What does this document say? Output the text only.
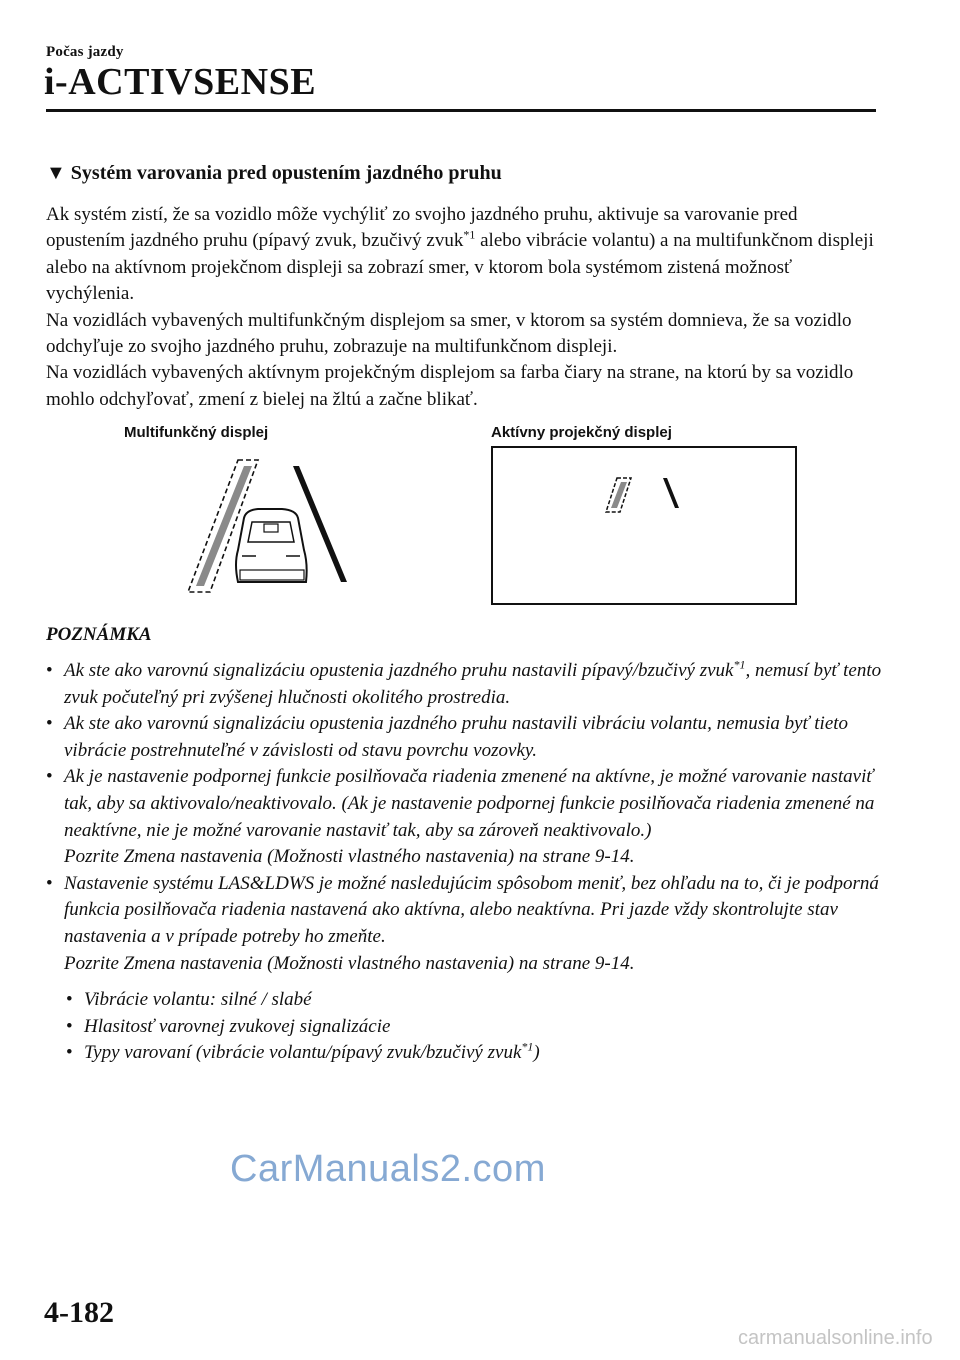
Počas jazdy
i-ACTIVSENSE
▼ Systém varovania pred opustením jazdného pruhu

Ak systém zistí, že sa vozidlo môže vychýliť zo svojho jazdného pruhu, aktivuje sa varovanie pred opustením jazdného pruhu (pípavý zvuk, bzučivý zvuk$^{*1}$ alebo vibrácie volantu) a na multifunkčnom displeji alebo na aktívnom projekčnom displeji sa zobrazí smer, v ktorom bola systémom zistená možnosť vychýlenia.

Na vozidlách vybavených multifunkčným displejom sa smer, v ktorom sa systém domnieva, že sa vozidlo odchyľuje zo svojho jazdného pruhu, zobrazuje na multifunkčnom displeji.

Na vozidlách vybavených aktívnym projekčným displejom sa farba čiary na strane, na ktorú by sa vozidlo mohlo odchyľovať, zmení z bielej na žltú a začne blikať.

Multifunkčný displej	Aktívny projekčný displej
POZNÁMKA
• Ak ste ako varovnú signalizáciu opustenia jazdného pruhu nastavili pípavý/bzučivý zvuk$^{*1}$, nemusí byť tento zvuk počuteľný pri zvýšenej hlučnosti okolitého prostredia.
• Ak ste ako varovnú signalizáciu opustenia jazdného pruhu nastavili vibráciu volantu, nemusia byť tieto vibrácie postrehnuteľné v závislosti od stavu povrchu vozovky.
• Ak je nastavenie podpornej funkcie posilňovača riadenia zmenené na aktívne, je možné varovanie nastaviť tak, aby sa aktivovalo/neaktivovalo. (Ak je nastavenie podpornej funkcie posilňovača riadenia zmenené na neaktívne, nie je možné varovanie nastaviť tak, aby sa zároveň neaktivovalo.)
Pozrite Zmena nastavenia (Možnosti vlastného nastavenia) na strane 9-14.
• Nastavenie systému LAS&LDWS je možné nasledujúcim spôsobom meniť, bez ohľadu na to, či je podporná funkcia posilňovača riadenia nastavená ako aktívna, alebo neaktívna. Pri jazde vždy skontrolujte stav nastavenia a v prípade potreby ho zmeňte.
Pozrite Zmena nastavenia (Možnosti vlastného nastavenia) na strane 9-14.
• Vibrácie volantu: silné / slabé
• Hlasitosť varovnej zvukovej signalizácie
• Typy varovaní (vibrácie volantu/pípavý zvuk/bzučivý zvuk$^{*1}$)
CarManuals2.com
4-182
carmanualsonline.info
